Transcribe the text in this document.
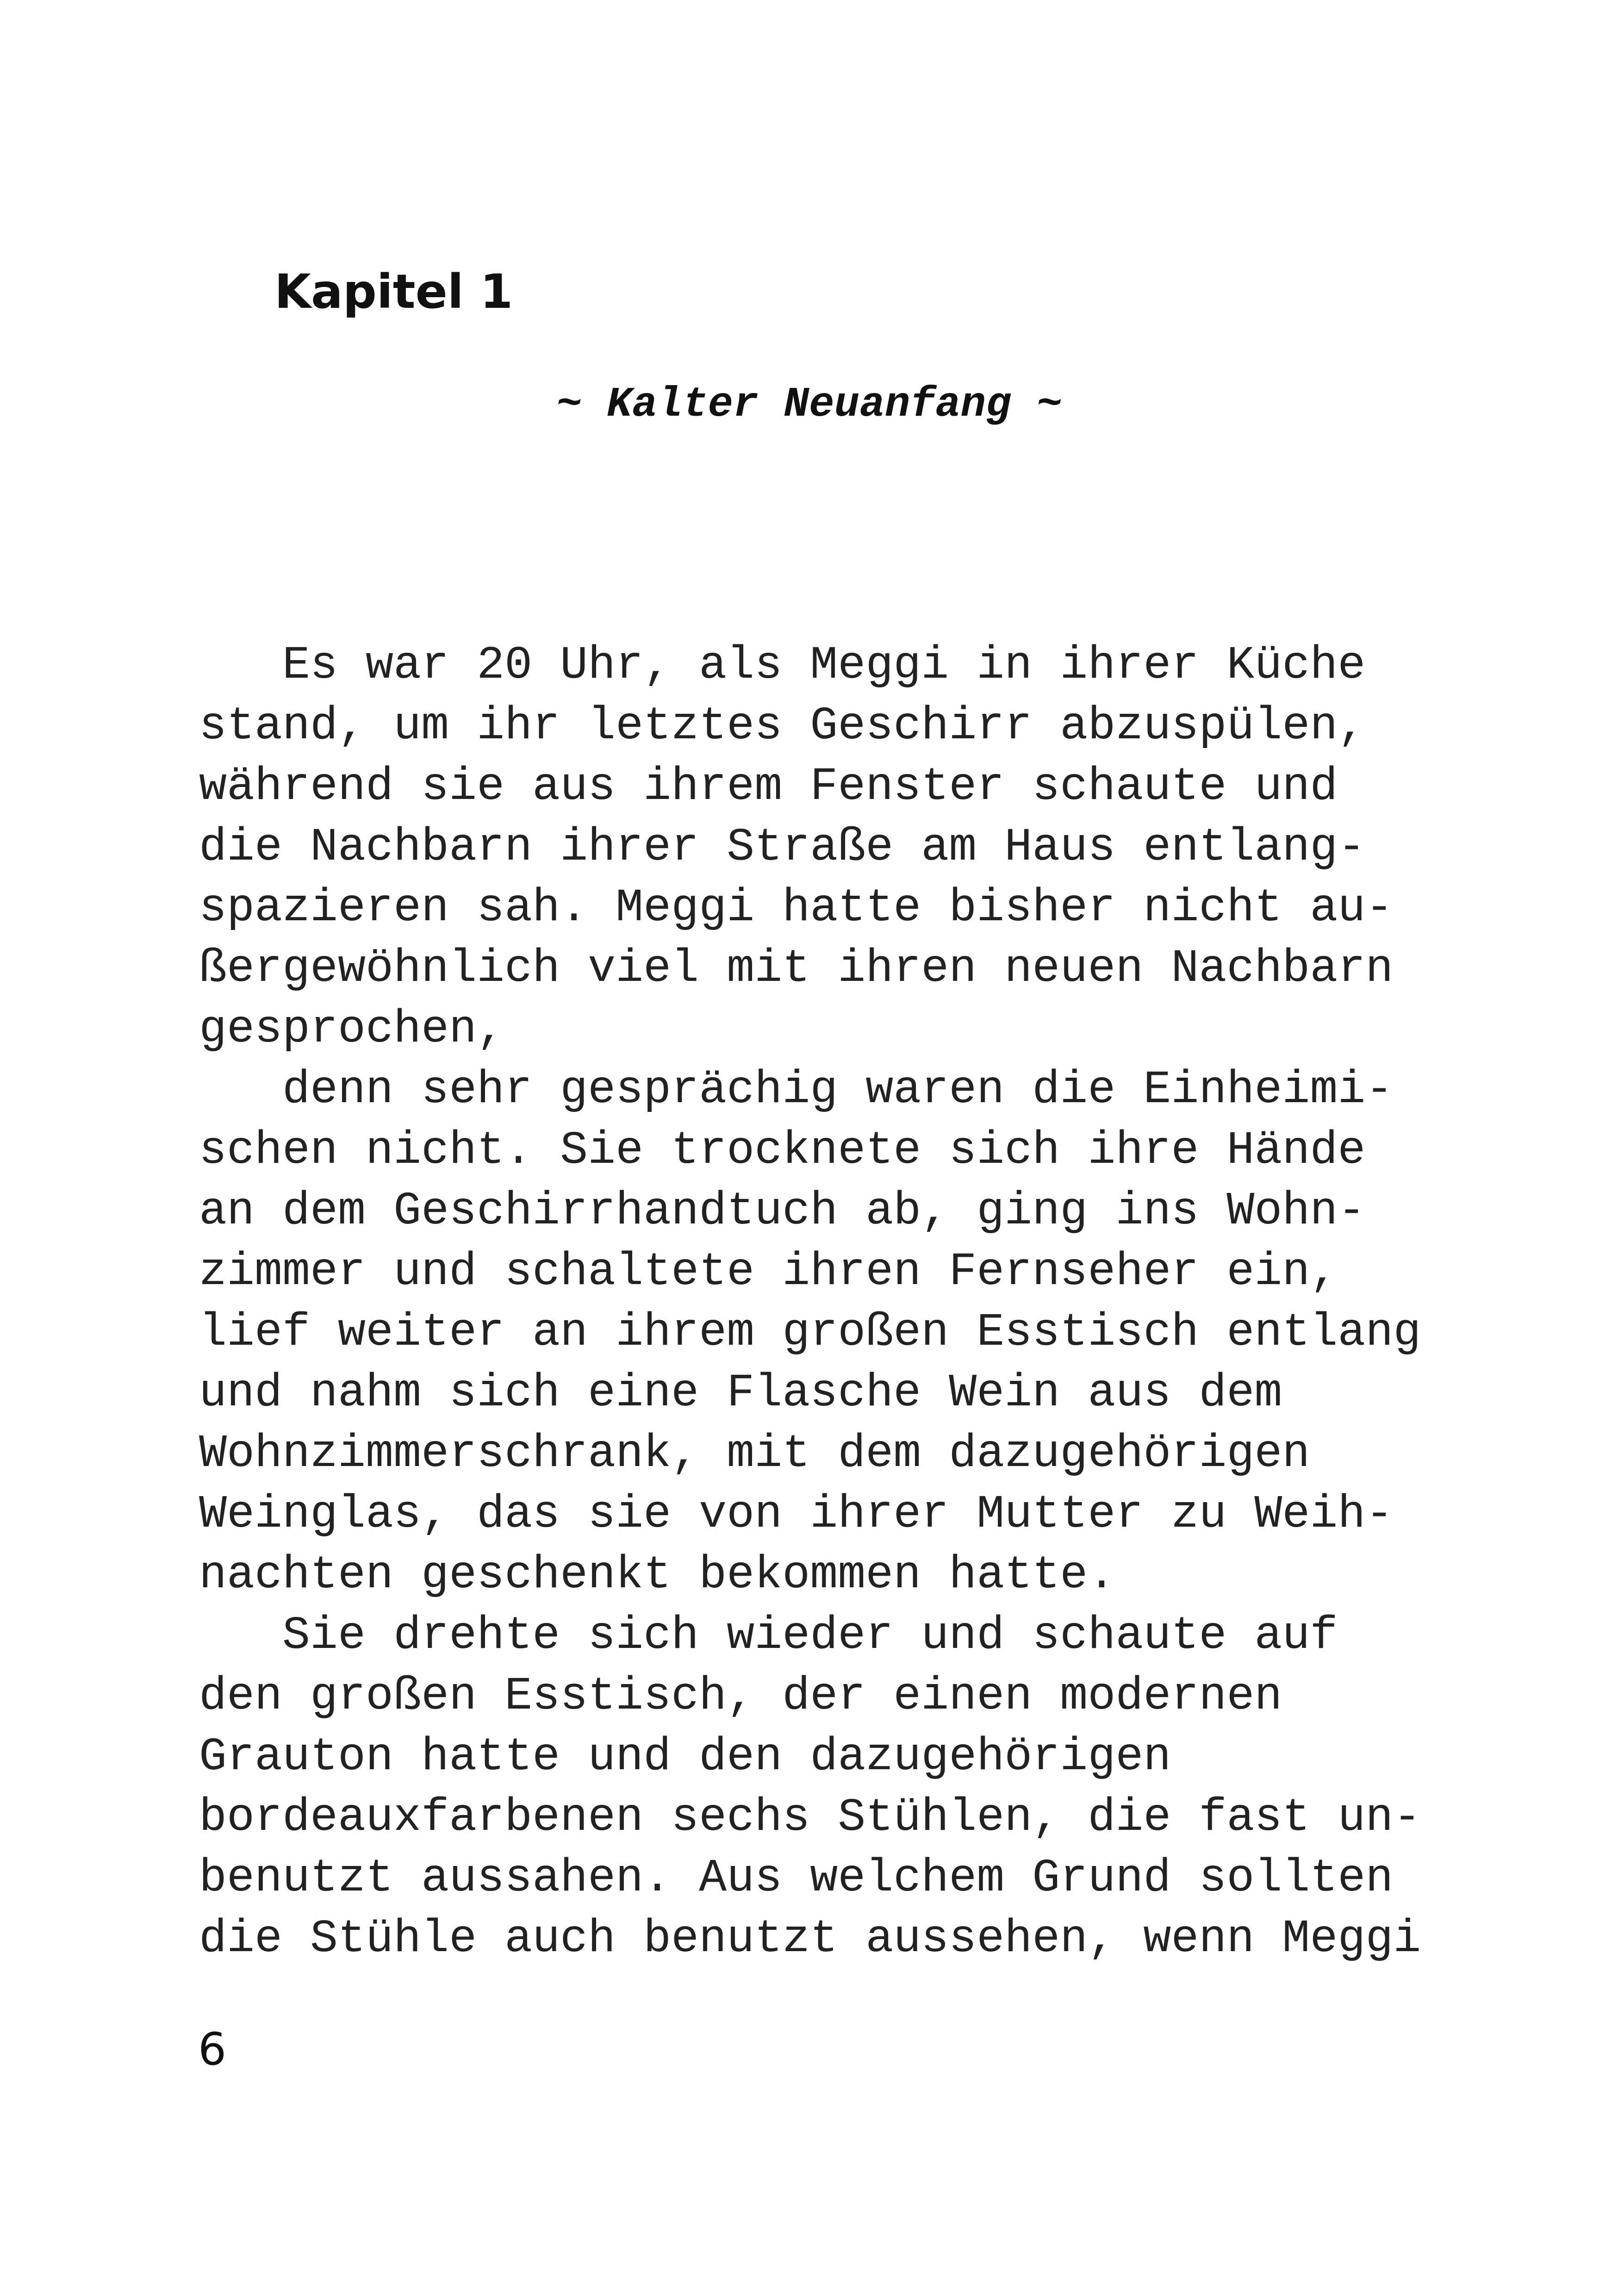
Kapitel 1
~ Kalter Neuanfang ~
Es war 20 Uhr, als Meggi in ihrer Küche
stand, um ihr letztes Geschirr abzuspülen,
während sie aus ihrem Fenster schaute und
die Nachbarn ihrer Straße am Haus entlang-
spazieren sah. Meggi hatte bisher nicht au-
ßergewöhnlich viel mit ihren neuen Nachbarn
gesprochen,
denn sehr gesprächig waren die Einheimi-
schen nicht. Sie trocknete sich ihre Hände
an dem Geschirrhandtuch ab, ging ins Wohn-
zimmer und schaltete ihren Fernseher ein,
lief weiter an ihrem großen Esstisch entlang
und nahm sich eine Flasche Wein aus dem
Wohnzimmerschrank, mit dem dazugehörigen
Weinglas, das sie von ihrer Mutter zu Weih-
nachten geschenkt bekommen hatte.
Sie drehte sich wieder und schaute auf
den großen Esstisch, der einen modernen
Grauton hatte und den dazugehörigen
bordeauxfarbenen sechs Stühlen, die fast un-
benutzt aussahen. Aus welchem Grund sollten
die Stühle auch benutzt aussehen, wenn Meggi

6
